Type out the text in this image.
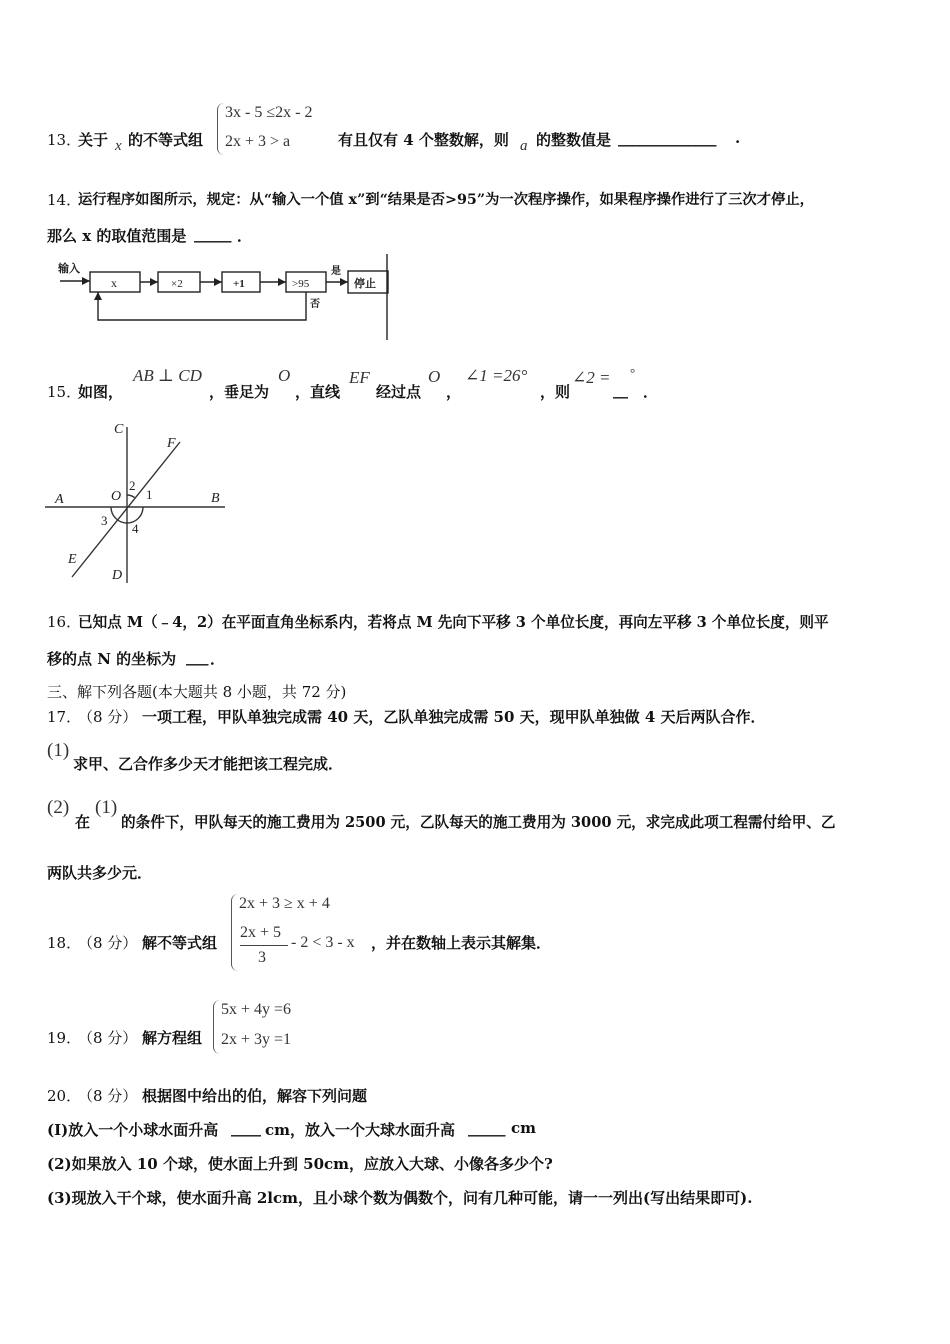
13．
关于 x 的不等式组
3x - 5 ≤2x - 2
2x + 3 > a	有且仅有 4 个整数解，则 a 的整数值是 ______________ .
14．
运行程序如图所示，规定：从“输入一个值 x”到“结果是否>95”为一次程序操作，如果程序操作进行了三次才停止，
那么 x 的取值范围是 _____ ．
输入
x	×2	+1	>95
是
否
停止
15．
如图，
AB ⊥ CD
，垂足为
O
，直线
EF
经过点
O
，
∠1 =26°
，则
∠2 =
__
°
．
C
F
A	O	B
E
D
2
1
3
4
16．
已知点 M（﹣4，2）在平面直角坐标系内，若将点 M 先向下平移 3 个单位长度，再向左平移 3 个单位长度，则平
移的点 N 的坐标为 ___ ．
三、解下列各题(本大题共 8 小题，共 72 分)
17．
（8 分） 一项工程，甲队单独完成需 40 天，乙队单独完成需 50 天，现甲队单独做 4 天后两队合作．
(1)
求甲、乙合作多少天才能把该工程完成．
(2)
在
(1)
的条件下，甲队每天的施工费用为 2500 元，乙队每天的施工费用为 3000 元，求完成此项工程需付给甲、乙
两队共多少元．
18．
（8 分） 解不等式组
2x + 3 ≥ x + 4
2x + 5
3
- 2 < 3 - x ，并在数轴上表示其解集．
19．
（8 分） 解方程组
5x + 4y =6
2x + 3y =1
20．
（8 分） 根据图中给出的伯，解容下列问题
(I)放入一个小球水面升高 ____ cm，放入一个大球水面升高 _____ cm
(2)如果放入 10 个球，使水面上升到 50cm，应放入大球、小像各多少个?
(3)现放入干个球，使水面升高 2lcm，且小球个数为偶数个，问有几种可能，请一一列出(写出结果即可).
